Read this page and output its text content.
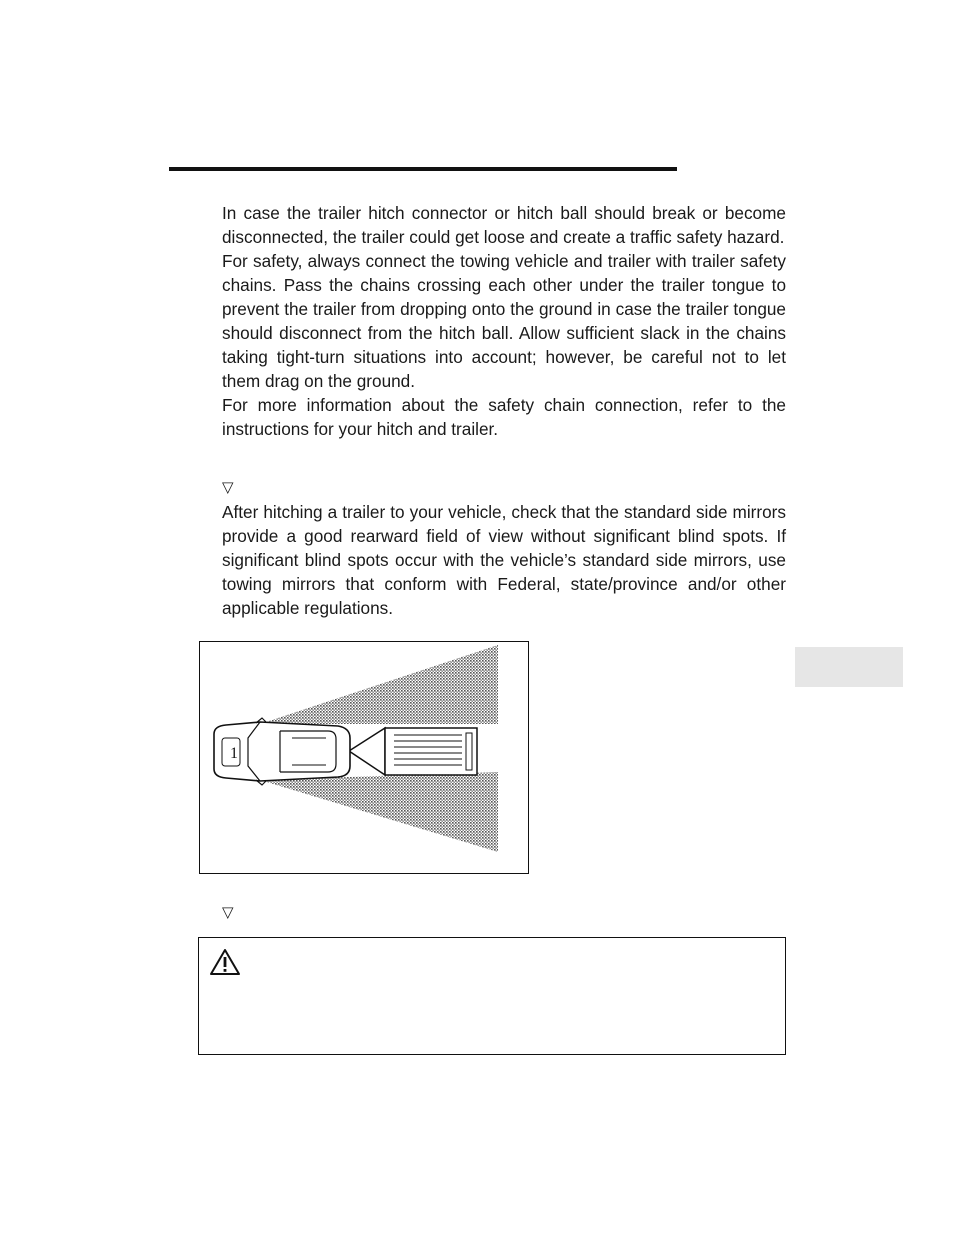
In case the trailer hitch connector or hitch ball should break or become disconnected, the trailer could get loose and create a traffic safety hazard.

For safety, always connect the towing vehicle and trailer with trailer safety chains. Pass the chains crossing each other under the trailer tongue to prevent the trailer from dropping onto the ground in case the trailer tongue should disconnect from the hitch ball. Allow sufficient slack in the chains taking tight-turn situations into account; however, be careful not to let them drag on the ground.

For more information about the safety chain connection, refer to the instructions for your hitch and trailer.

▽

After hitching a trailer to your vehicle, check that the standard side mirrors provide a good rearward field of view without significant blind spots. If significant blind spots occur with the vehicle’s standard side mirrors, use towing mirrors that conform with Federal, state/province and/or other applicable regulations.

1
▽
